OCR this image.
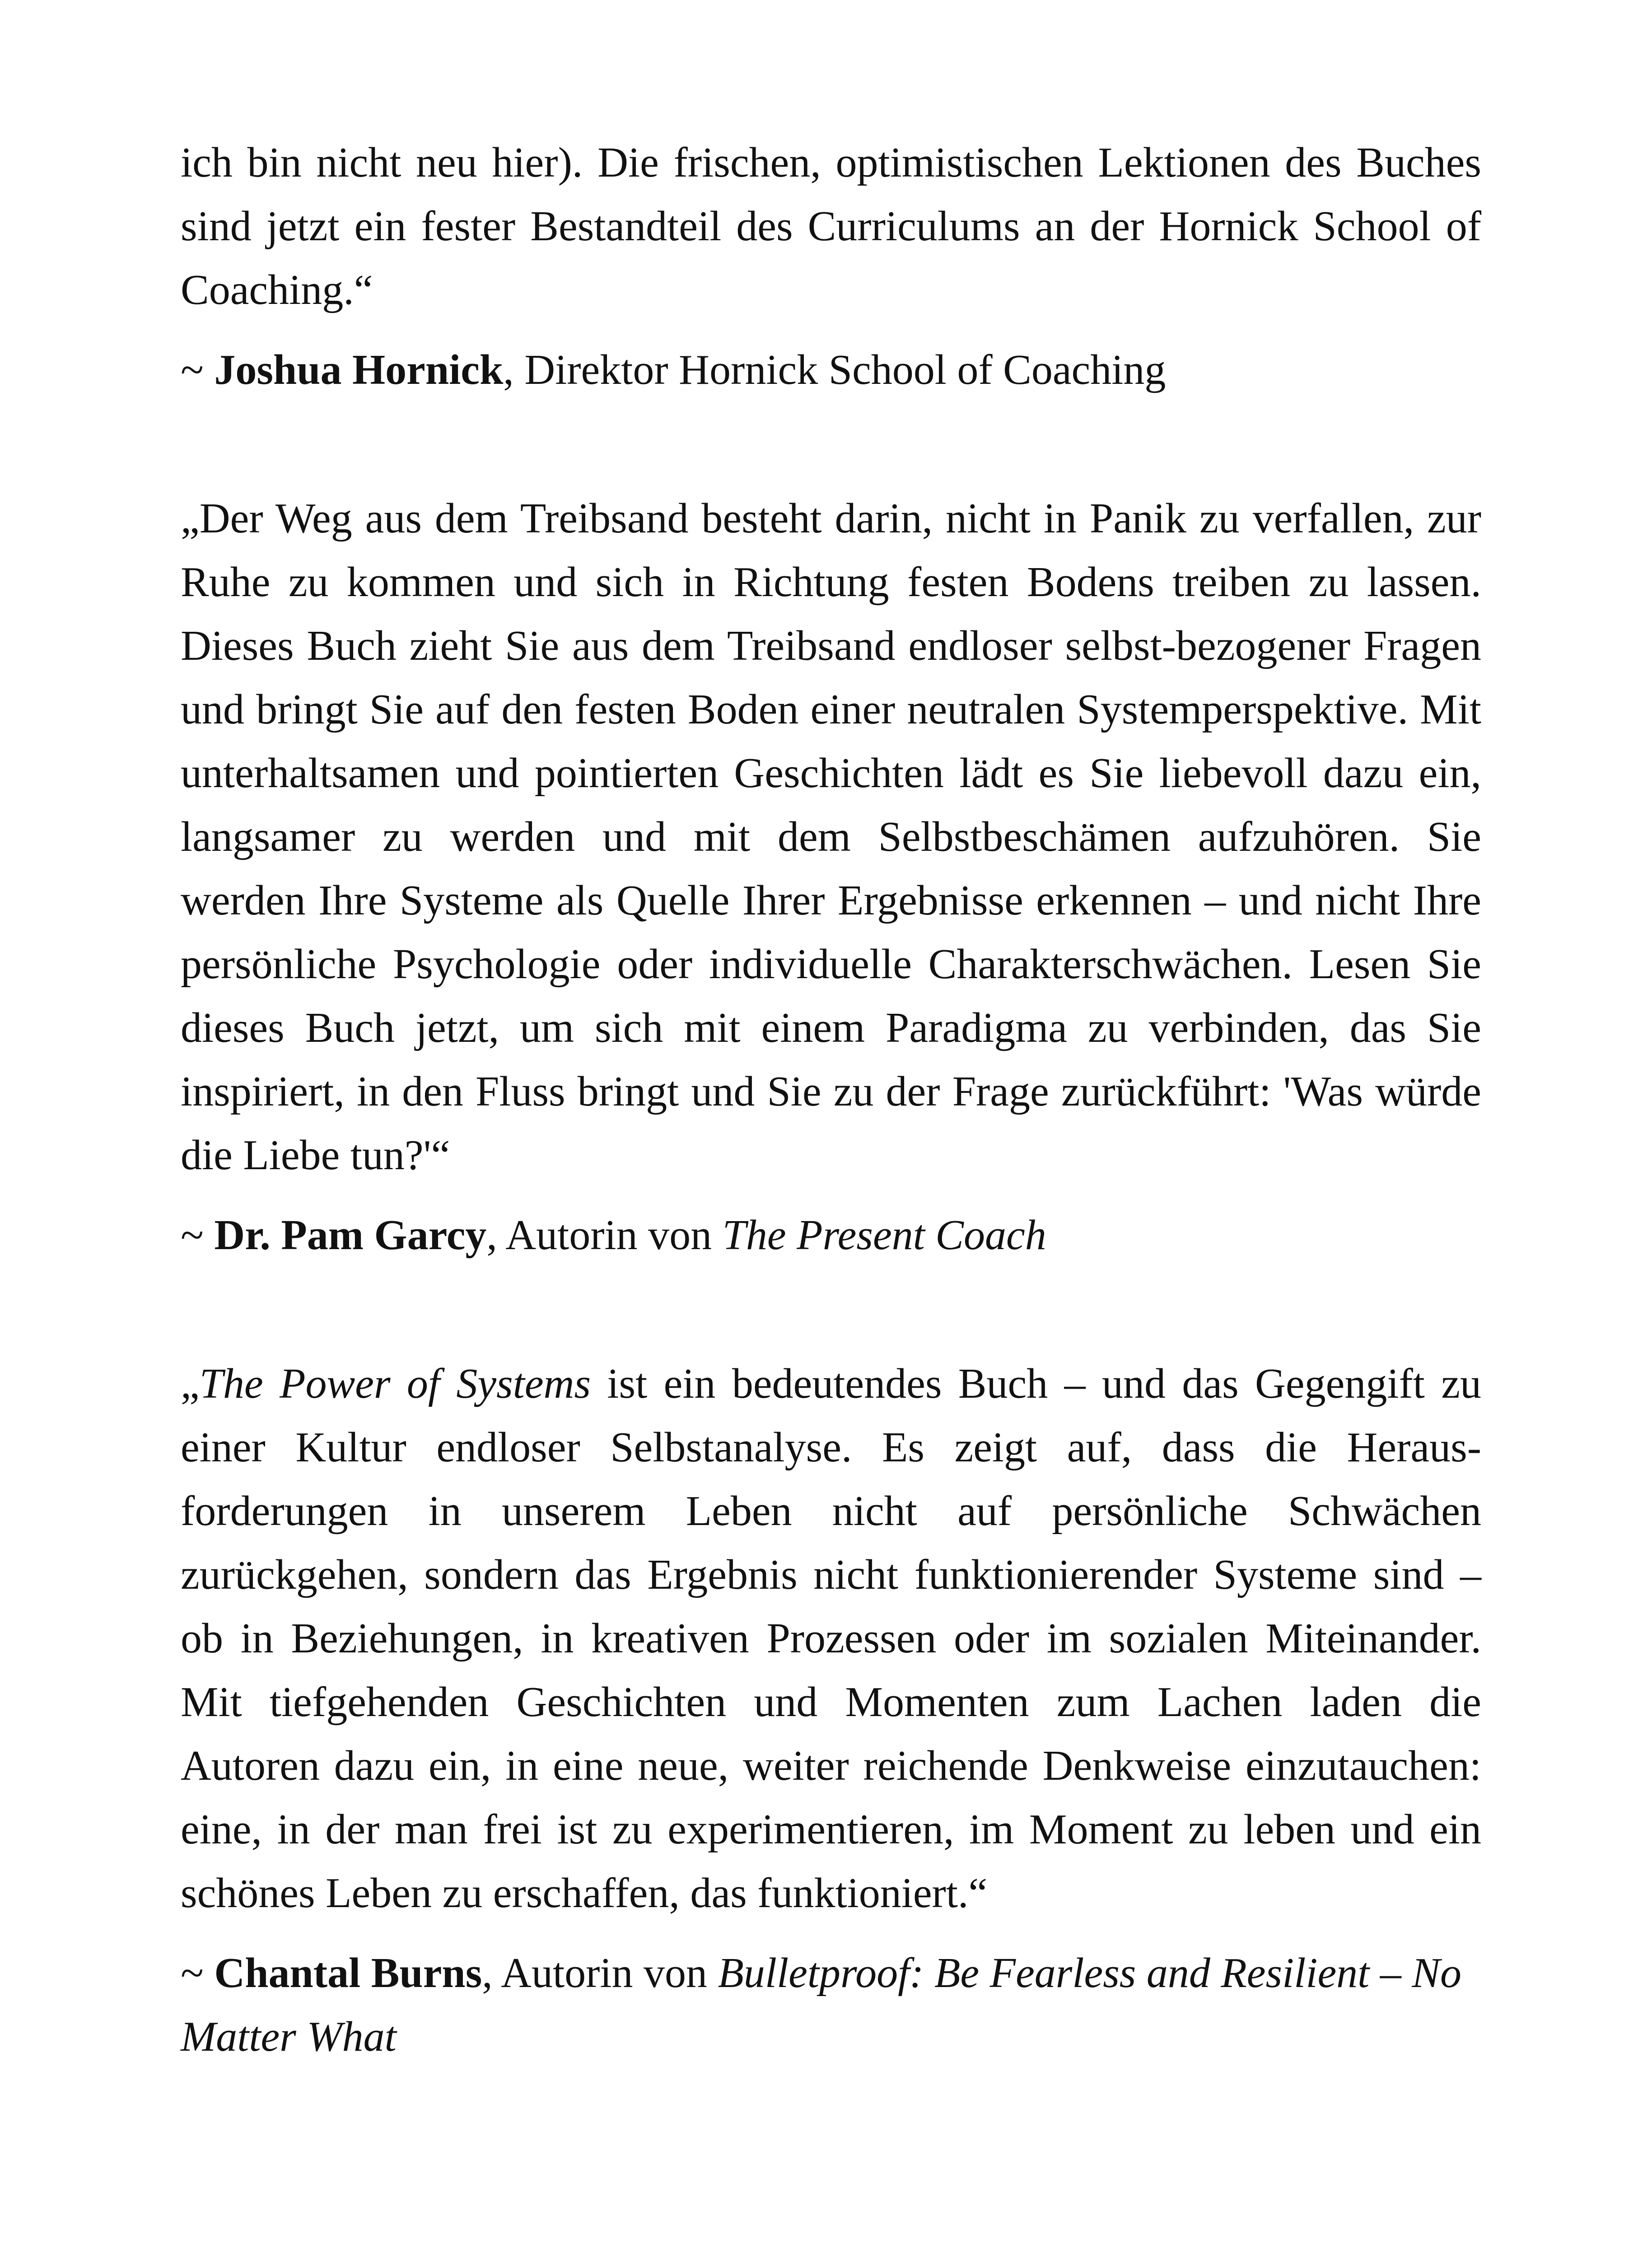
ich bin nicht neu hier). Die frischen, optimistischen Lektionen des Buches sind jetzt ein fester Bestandteil des Curriculums an der Hornick School of Coaching.“

~ Joshua Hornick, Direktor Hornick School of Coaching

„Der Weg aus dem Treibsand besteht darin, nicht in Panik zu verfallen, zur Ruhe zu kommen und sich in Richtung festen Bodens treiben zu lassen. Dieses Buch zieht Sie aus dem Treibsand endloser selbst-bezogener Fragen und bringt Sie auf den festen Boden einer neutralen Systemperspektive. Mit unterhaltsamen und pointierten Geschichten lädt es Sie liebevoll dazu ein, langsamer zu werden und mit dem Selbstbeschämen aufzuhören. Sie werden Ihre Systeme als Quelle Ihrer Ergebnisse erkennen – und nicht Ihre persönliche Psychologie oder individuelle Charakterschwächen. Lesen Sie dieses Buch jetzt, um sich mit einem Paradigma zu verbinden, das Sie inspiriert, in den Fluss bringt und Sie zu der Frage zurückführt: 'Was würde die Liebe tun?'“

~ Dr. Pam Garcy, Autorin von The Present Coach

„The Power of Systems ist ein bedeutendes Buch – und das Gegengift zu einer Kultur endloser Selbstanalyse. Es zeigt auf, dass die Heraus-forderungen in unserem Leben nicht auf persönliche Schwächen zurückgehen, sondern das Ergebnis nicht funktionierender Systeme sind – ob in Beziehungen, in kreativen Prozessen oder im sozialen Miteinander. Mit tiefgehenden Geschichten und Momenten zum Lachen laden die Autoren dazu ein, in eine neue, weiter reichende Denkweise einzutauchen: eine, in der man frei ist zu experimentieren, im Moment zu leben und ein schönes Leben zu erschaffen, das funktioniert.“

~ Chantal Burns, Autorin von Bulletproof: Be Fearless and Resilient – No Matter What
